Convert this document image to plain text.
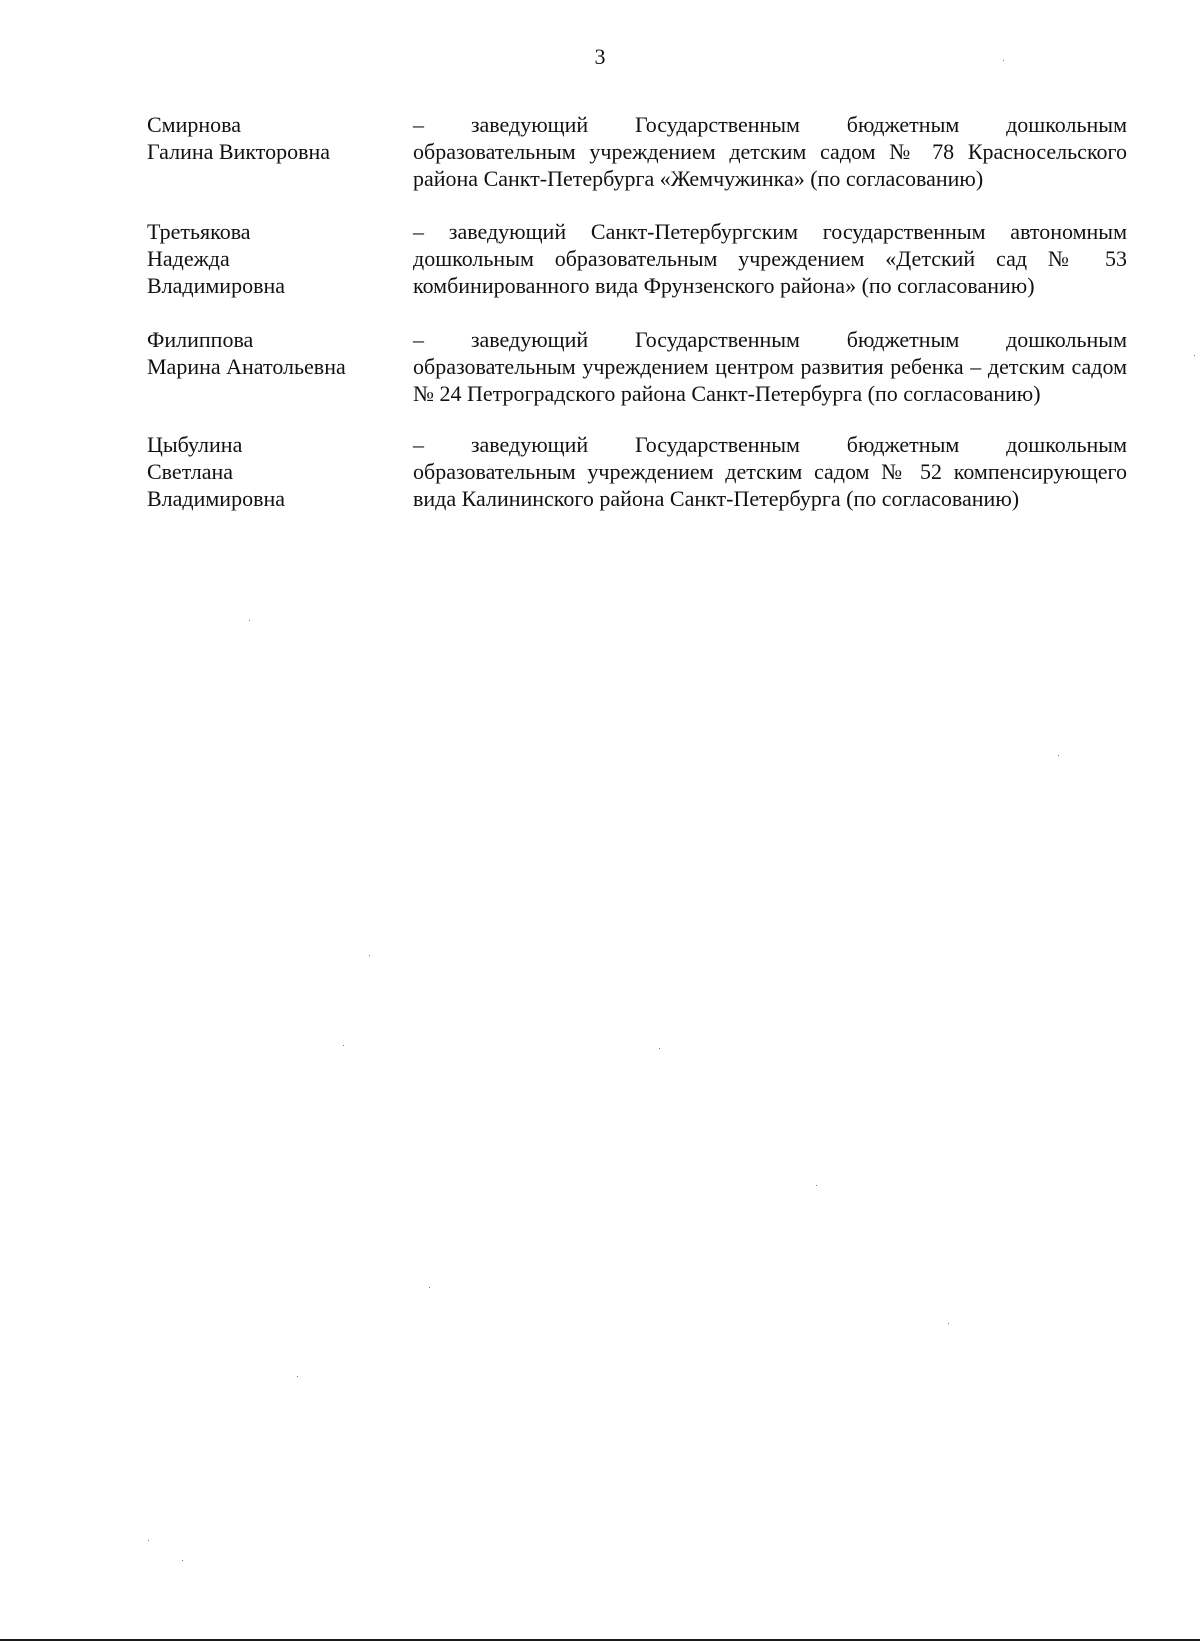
3
Смирнова
Галина Викторовна
– заведующий Государственным бюджетным дошкольным образовательным учреждением детским садом № 78 Красносельского района Санкт-Петербурга «Жемчужинка» (по согласованию)
Третьякова
Надежда
Владимировна
– заведующий Санкт-Петербургским государственным автономным дошкольным образовательным учреждением «Детский сад № 53 комбинированного вида Фрунзенского района» (по согласованию)
Филиппова
Марина Анатольевна
– заведующий Государственным бюджетным дошкольным образовательным учреждением центром развития ребенка – детским садом № 24 Петроградского района Санкт-Петербурга (по согласованию)
Цыбулина
Светлана
Владимировна
– заведующий Государственным бюджетным дошкольным образовательным учреждением детским садом № 52 компенсирующего вида Калининского района Санкт-Петербурга (по согласованию)
